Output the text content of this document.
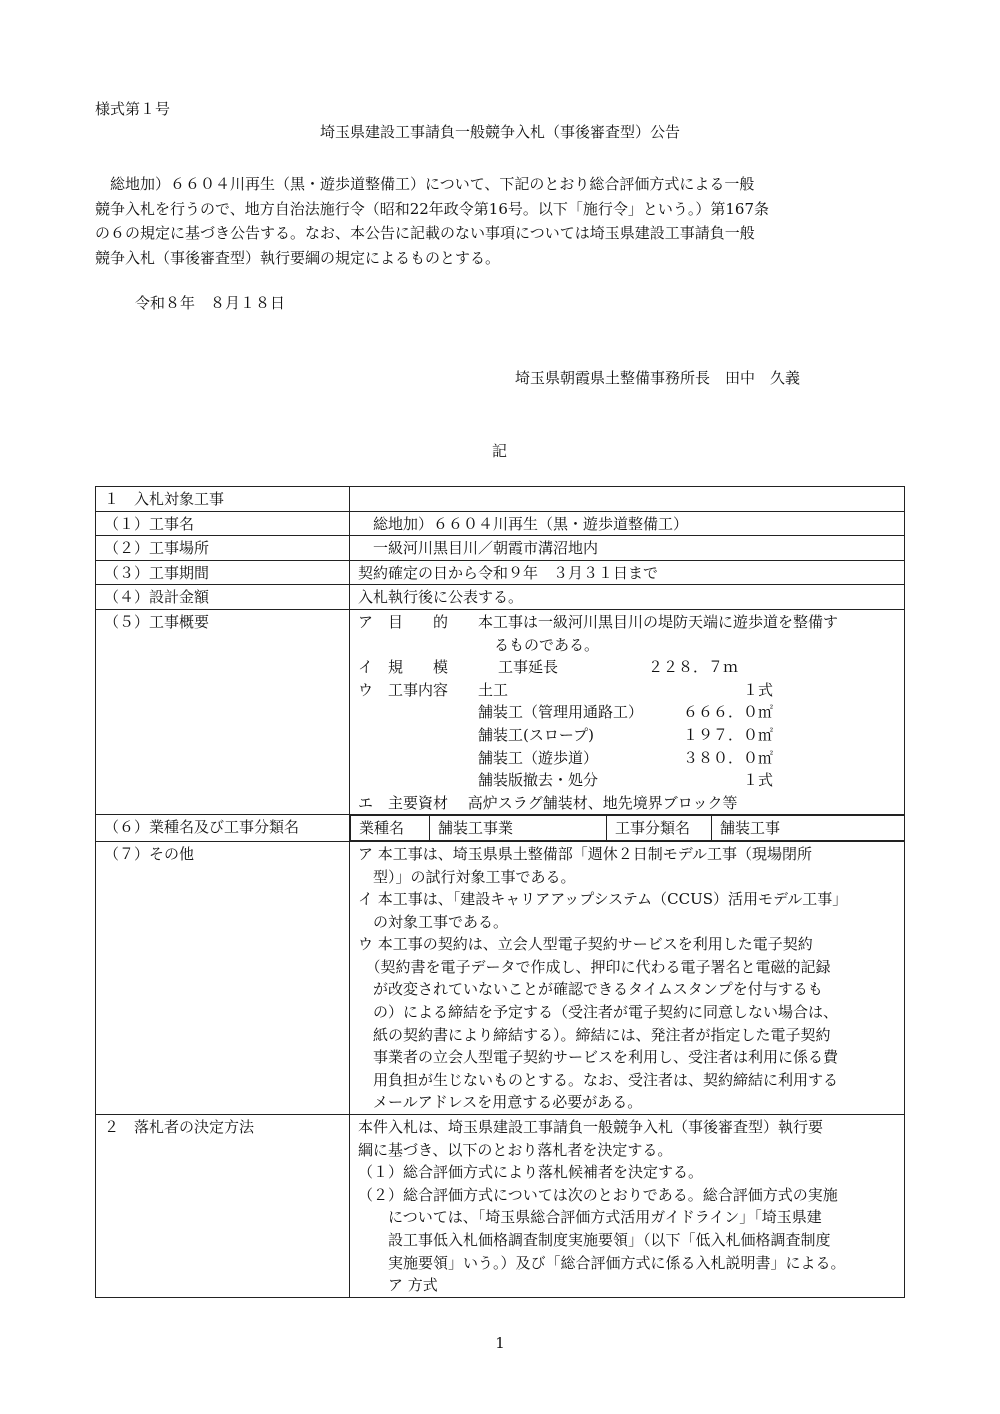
様式第１号
埼玉県建設工事請負一般競争入札（事後審査型）公告
　総地加）６６０４川再生（黒・遊歩道整備工）について、下記のとおり総合評価方式による一般
競争入札を行うので、地方自治法施行令（昭和22年政令第16号。以下「施行令」という。）第167条
の６の規定に基づき公告する。なお、本公告に記載のない事項については埼玉県建設工事請負一般
競争入札（事後審査型）執行要綱の規定によるものとする。
令和８年　８月１８日
埼玉県朝霞県土整備事務所長　田中　久義
記
１　入札対象工事	
（１）工事名	　総地加）６６０４川再生（黒・遊歩道整備工）
（２）工事場所	　一級河川黒目川／朝霞市溝沼地内
（３）工事期間	契約確定の日から令和９年　３月３１日まで
（４）設計金額	入札執行後に公表する。
（５）工事概要	ア　目　　的　　本工事は一級河川黒目川の堤防天端に遊歩道を整備す
るものである。
イ　規　　模	工事延長	２２８．７ｍ
ウ　工事内容	土工	１式
舗装工（管理用通路工）	６６６．０㎡
舗装工(スロープ)	１９７．０㎡
舗装工（遊歩道）	３８０．０㎡
舗装版撤去・処分	１式
エ　主要資材　 高炉スラグ舗装材、地先境界ブロック等

（６）業種名及び工事分類名		業種名	舗装工事業	工事分類名	舗装工事

（７）その他	ア 本工事は、埼玉県県土整備部「週休２日制モデル工事（現場閉所
　型）」の試行対象工事である。
イ 本工事は、「建設キャリアアップシステム（CCUS）活用モデル工事」
　の対象工事である。
ウ 本工事の契約は、立会人型電子契約サービスを利用した電子契約
　（契約書を電子データで作成し、押印に代わる電子署名と電磁的記録
　が改変されていないことが確認できるタイムスタンプを付与するも
　の）による締結を予定する（受注者が電子契約に同意しない場合は、
　紙の契約書により締結する）。締結には、発注者が指定した電子契約
　事業者の立会人型電子契約サービスを利用し、受注者は利用に係る費
　用負担が生じないものとする。なお、受注者は、契約締結に利用する
　メールアドレスを用意する必要がある。

２　落札者の決定方法	本件入札は、埼玉県建設工事請負一般競争入札（事後審査型）執行要
綱に基づき、以下のとおり落札者を決定する。
（１）総合評価方式により落札候補者を決定する。
（２）総合評価方式については次のとおりである。総合評価方式の実施
　　については、「埼玉県総合評価方式活用ガイドライン」「埼玉県建
　　設工事低入札価格調査制度実施要領」（以下「低入札価格調査制度
　　実施要領」いう。）及び「総合評価方式に係る入札説明書」による。
　　ア 方式
1
